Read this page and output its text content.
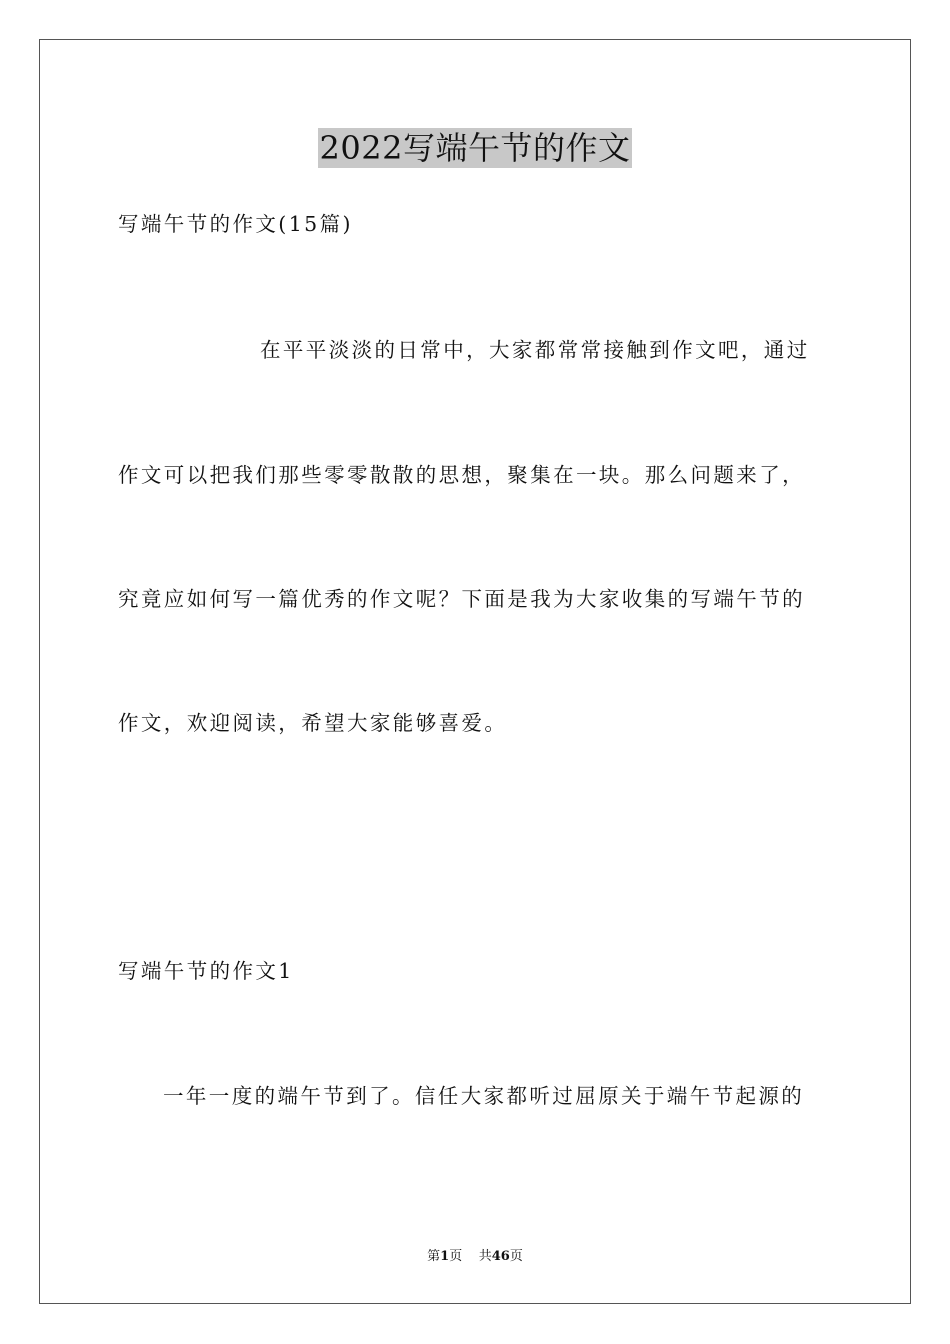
2022写端午节的作文

写端午节的作文(15篇)

在平平淡淡的日常中，大家都常常接触到作文吧，通过

作文可以把我们那些零零散散的思想，聚集在一块。那么问题来了，

究竟应如何写一篇优秀的作文呢？下面是我为大家收集的写端午节的

作文，欢迎阅读，希望大家能够喜爱。

写端午节的作文1

一年一度的端午节到了。信任大家都听过屈原关于端午节起源的

第1页 共46页
